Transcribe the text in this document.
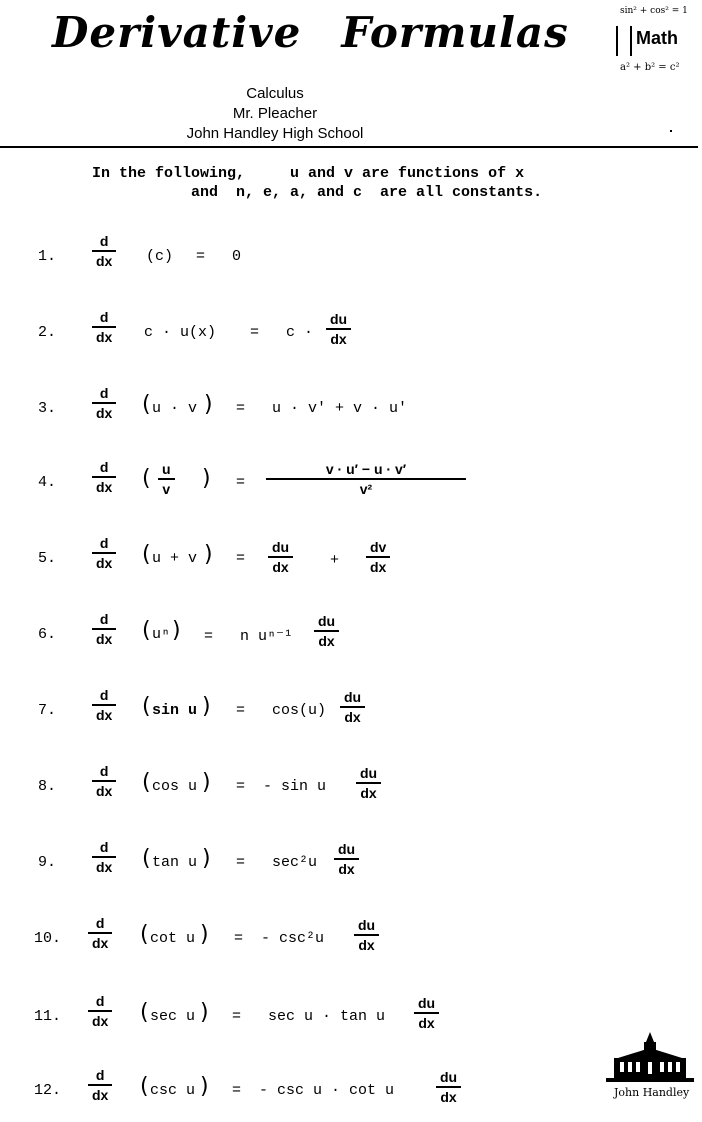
Derivative Formulas
Calculus
Mr. Pleacher
John Handley High School
sin² + cos² = 1
Math
a² + b² = c²
In the following,     u and v are functions of x
and  n, e, a, and c  are all constants.
1.
d
dx (c) =   0
2.
d
dx c · u(x) =   c ·
du
dx
3.
d
dx ( u · v ) =   u · v′ + v · u′
4.
d
dx ( u
v ) =
v · u′ − u · v′
v²
5.
d
dx ( u + v ) =
du
dx	+
dv
dx
6.
d
dx ( uⁿ ) =   n uⁿ⁻¹
du
dx
7.
d
dx ( sin u ) =   cos(u)
du
dx
8.
d
dx ( cos u ) =  - sin u
du
dx
9.
d
dx ( tan u ) =   sec²u
du
dx
10.
d
dx ( cot u ) =  - csc²u
du
dx
11.
d
dx ( sec u ) =   sec u · tan u
du
dx
12.
d
dx ( csc u ) =  - csc u · cot u
du
dx	John Handley
